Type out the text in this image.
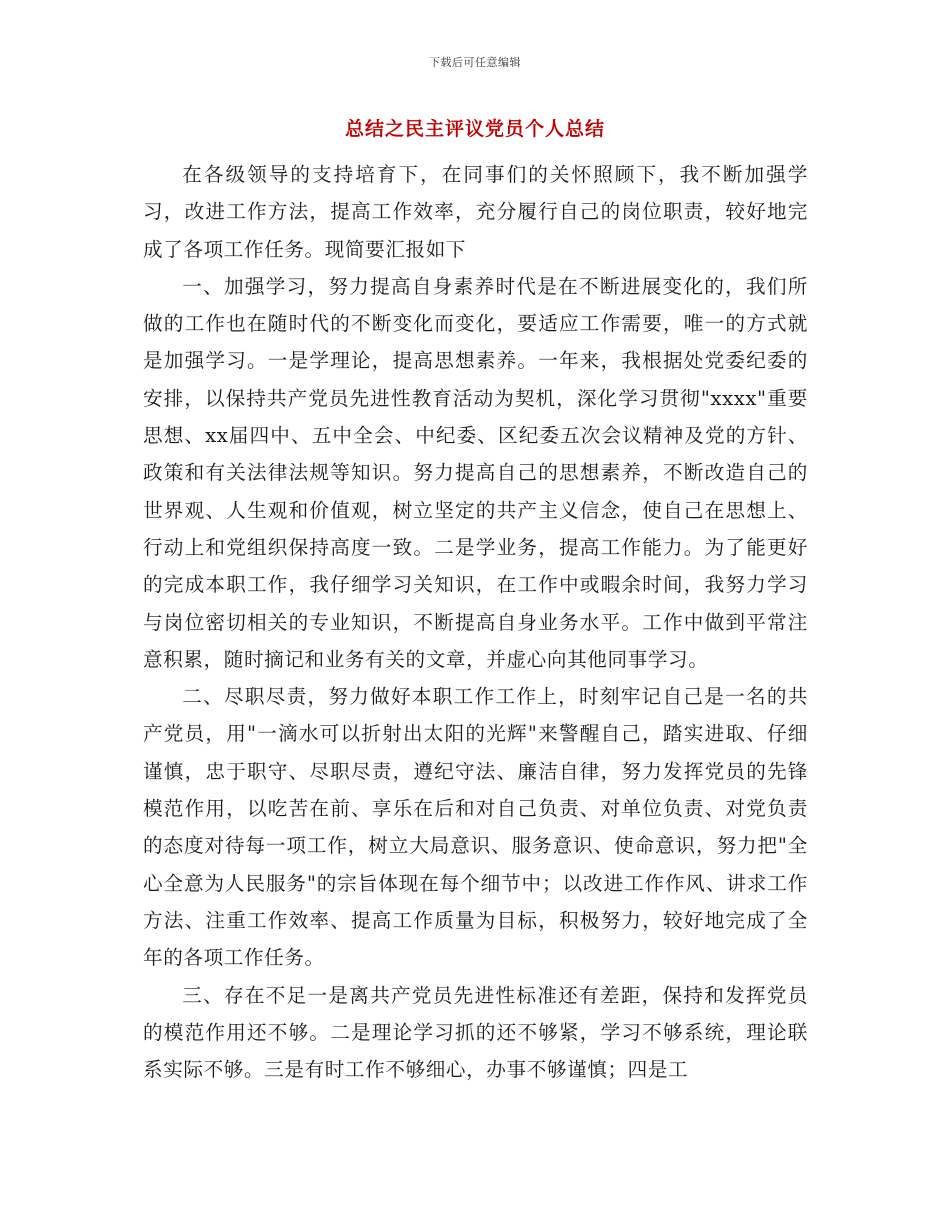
下载后可任意编辑
总结之民主评议党员个人总结

在各级领导的支持培育下，在同事们的关怀照顾下，我不断加强学习，改进工作方法，提高工作效率，充分履行自己的岗位职责，较好地完成了各项工作任务。现简要汇报如下

一、加强学习，努力提高自身素养时代是在不断进展变化的，我们所做的工作也在随时代的不断变化而变化，要适应工作需要，唯一的方式就是加强学习。一是学理论，提高思想素养。一年来，我根据处党委纪委的安排，以保持共产党员先进性教育活动为契机，深化学习贯彻"xxxx"重要思想、xx届四中、五中全会、中纪委、区纪委五次会议精神及党的方针、政策和有关法律法规等知识。努力提高自己的思想素养，不断改造自己的世界观、人生观和价值观，树立坚定的共产主义信念，使自己在思想上、行动上和党组织保持高度一致。二是学业务，提高工作能力。为了能更好的完成本职工作，我仔细学习关知识，在工作中或暇余时间，我努力学习与岗位密切相关的专业知识，不断提高自身业务水平。工作中做到平常注意积累，随时摘记和业务有关的文章，并虚心向其他同事学习。

二、尽职尽责，努力做好本职工作工作上，时刻牢记自己是一名的共产党员，用"一滴水可以折射出太阳的光辉"来警醒自己，踏实进取、仔细谨慎，忠于职守、尽职尽责，遵纪守法、廉洁自律，努力发挥党员的先锋模范作用，以吃苦在前、享乐在后和对自己负责、对单位负责、对党负责的态度对待每一项工作，树立大局意识、服务意识、使命意识，努力把"全心全意为人民服务"的宗旨体现在每个细节中；以改进工作作风、讲求工作方法、注重工作效率、提高工作质量为目标，积极努力，较好地完成了全年的各项工作任务。

三、存在不足一是离共产党员先进性标准还有差距，保持和发挥党员的模范作用还不够。二是理论学习抓的还不够紧，学习不够系统，理论联系实际不够。三是有时工作不够细心，办事不够谨慎；四是工
